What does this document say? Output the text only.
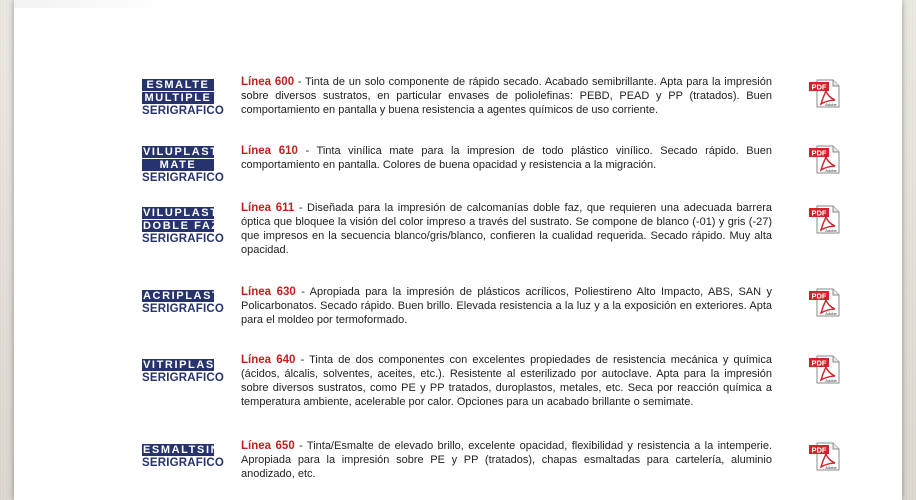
ESMALTE
MULTIPLE
SERIGRAFICO
Línea 600 - Tinta de un solo componente de rápido secado. Acabado semibrillante. Apta para la impresión sobre diversos sustratos, en particular envases de poliolefinas: PEBD, PEAD y PP (tratados). Buen comportamiento en pantalla y buena resistencia a agentes químicos de uso corriente.
PDF
Adobe
VILUPLAST
MATE
SERIGRAFICO
Línea 610 - Tinta vinílica mate para la impresion de todo plástico vinílico. Secado rápido. Buen comportamiento en pantalla. Colores de buena opacidad y resistencia a la migración.
PDF
Adobe
VILUPLAST
DOBLE FAZ
SERIGRAFICO
Línea 611 - Diseñada para la impresión de calcomanías doble faz, que requieren una adecuada barrera óptica que bloquee la visión del color impreso a través del sustrato. Se compone de blanco (-01) y gris (-27) que impresos en la secuencia blanco/gris/blanco, confieren la cualidad requerida. Secado rápido. Muy alta opacidad.
PDF
Adobe
ACRIPLAST
SERIGRAFICO
Línea 630 - Apropiada para la impresión de plásticos acrílicos, Poliestireno Alto Impacto, ABS, SAN y Policarbonatos. Secado rápido. Buen brillo. Elevada resistencia a la luz y a la exposición en exteriores. Apta para el moldeo por termoformado.
PDF
Adobe
VITRIPLAST
SERIGRAFICO
Línea 640 - Tinta de dos componentes con excelentes propiedades de resistencia mecánica y química (ácidos, álcalis, solventes, aceites, etc.). Resistente al esterilizado por autoclave. Apta para la impresión sobre diversos sustratos, como PE y PP tratados, duroplastos, metales, etc. Seca por reacción química a temperatura ambiente, acelerable por calor. Opciones para un acabado brillante o semimate.
PDF
Adobe
ESMALTSINT
SERIGRAFICO
Línea 650 - Tinta/Esmalte de elevado brillo, excelente opacidad, flexibilidad y resistencia a la intemperie. Apropiada para la impresión sobre PE y PP (tratados), chapas esmaltadas para cartelería, aluminio anodizado, etc.
PDF
Adobe
